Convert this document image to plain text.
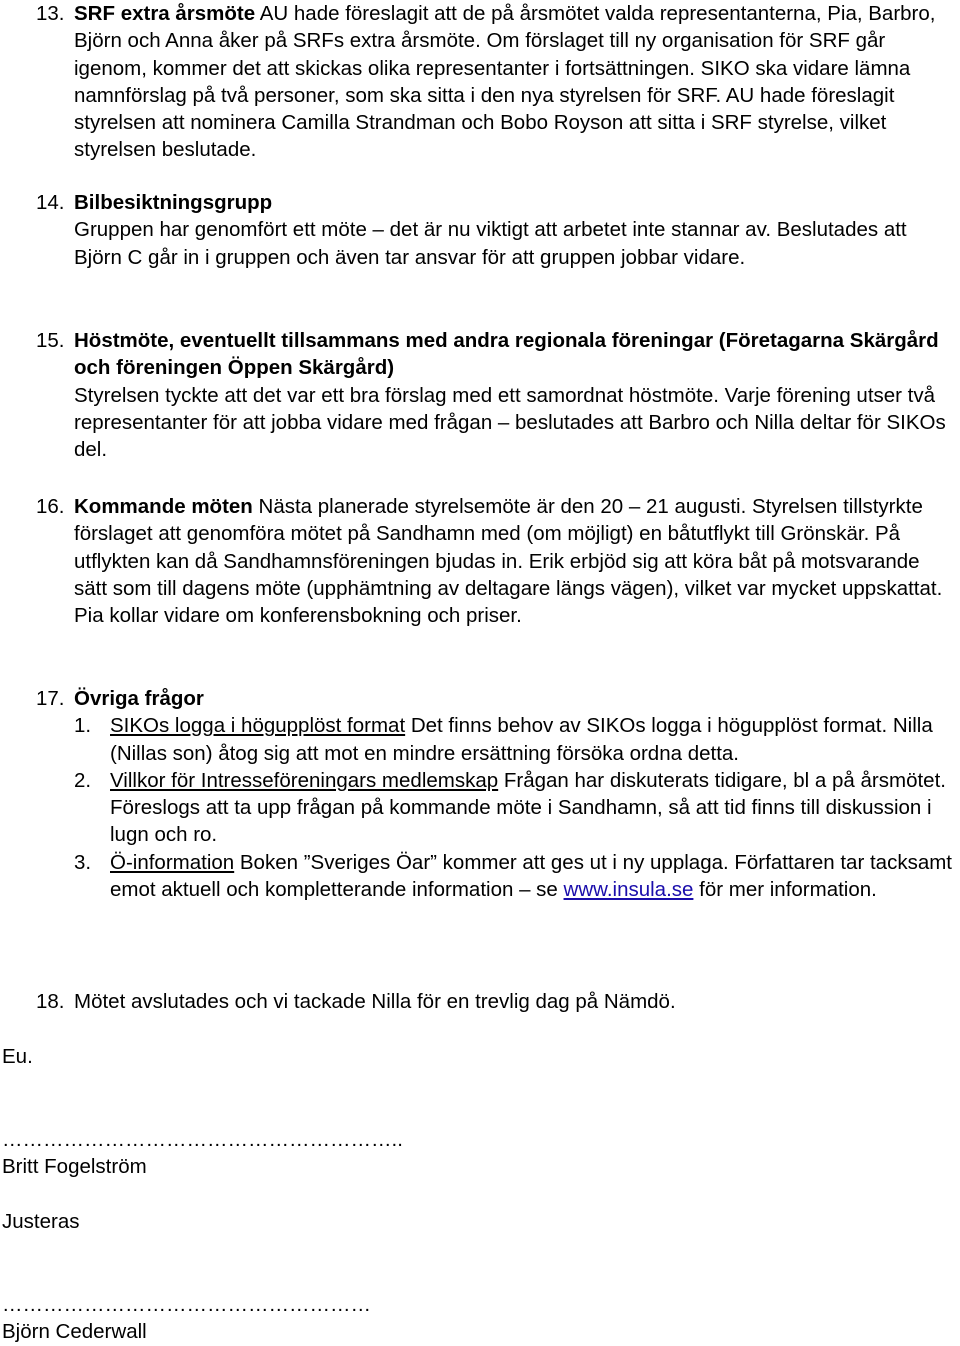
13. SRF extra årsmöte AU hade föreslagit att de på årsmötet valda representanterna, Pia, Barbro, Björn och Anna åker på SRFs extra årsmöte. Om förslaget till ny organisation för SRF går igenom, kommer det att skickas olika representanter i fortsättningen. SIKO ska vidare lämna namnförslag på två personer, som ska sitta i den nya styrelsen för SRF. AU hade föreslagit styrelsen att nominera Camilla Strandman och Bobo Royson att sitta i SRF styrelse, vilket styrelsen beslutade.
14. Bilbesiktningsgrupp
Gruppen har genomfört ett möte – det är nu viktigt att arbetet inte stannar av. Beslutades att Björn C går in i gruppen och även tar ansvar för att gruppen jobbar vidare.
15. Höstmöte, eventuellt tillsammans med andra regionala föreningar (Företagarna Skärgård och föreningen Öppen Skärgård)
Styrelsen tyckte att det var ett bra förslag med ett samordnat höstmöte. Varje förening utser två representanter för att jobba vidare med frågan – beslutades att Barbro och Nilla deltar för SIKOs del.
16. Kommande möten Nästa planerade styrelsemöte är den 20 – 21 augusti. Styrelsen tillstyrkte förslaget att genomföra mötet på Sandhamn med (om möjligt) en båtutflykt till Grönskär. På utflykten kan då Sandhamnsföreningen bjudas in. Erik erbjöd sig att köra båt på motsvarande sätt som till dagens möte (upphämtning av deltagare längs vägen), vilket var mycket uppskattat. Pia kollar vidare om konferensbokning och priser.
17. Övriga frågor
1. SIKOs logga i högupplöst format Det finns behov av SIKOs logga i högupplöst format. Nilla (Nillas son) åtog sig att mot en mindre ersättning försöka ordna detta.
2. Villkor för Intresseföreningars medlemskap Frågan har diskuterats tidigare, bl a på årsmötet. Föreslogs att ta upp frågan på kommande möte i Sandhamn, så att tid finns till diskussion i lugn och ro.
3. Ö-information Boken ”Sveriges Öar” kommer att ges ut i ny upplaga. Författaren tar tacksamt emot aktuell och kompletterande information – se www.insula.se för mer information.
18. Mötet avslutades och vi tackade Nilla för en trevlig dag på Nämdö.
Eu.
…………………………………………………..
Britt Fogelström
Justeras
………………………………………………
Björn Cederwall
